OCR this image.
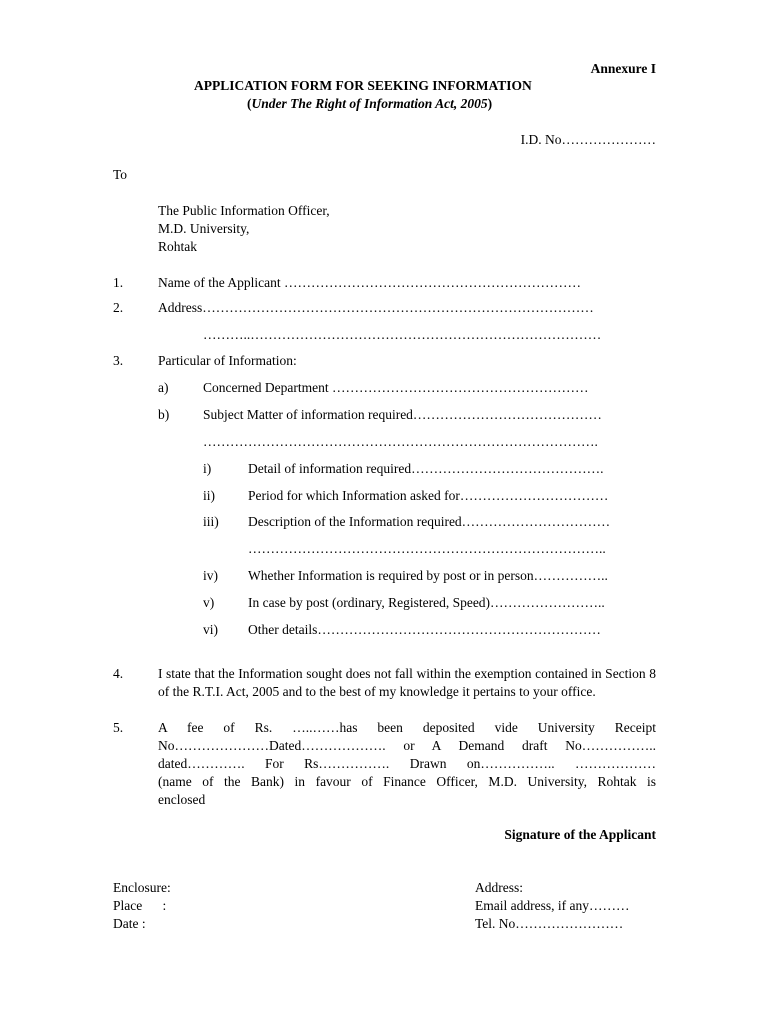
Annexure I
APPLICATION FORM FOR SEEKING INFORMATION
(Under The Right of Information Act, 2005)
I.D. No…………………
To
The Public Information Officer,
M.D. University,
Rohtak
1.	Name of the Applicant …………………………………………………………
2.	Address……………………………………………………………………………
………..……………………………………………………………………
3.	Particular of Information:
a)	Concerned Department …………………………………………………
b)	Subject Matter of information required……………………………………
…………………………………………………………………………….
i)	Detail of information required…………………………………….
ii) Period for which Information asked for……………………………
iii) Description of the Information required……………………………
……………………………………………………………………..
iv) Whether Information is required by post or in person……………..
v)	In case by post (ordinary, Registered, Speed)……………………..
vi) Other details………………………………………………………
4.	I state that the Information sought does not fall within the exemption contained in Section 8 of the R.T.I. Act, 2005 and to the best of my knowledge it pertains to your office.
5.	A fee of Rs. …..……has been deposited vide University Receipt
No…………………Dated………………. or A Demand draft No……………..
dated…………. For Rs……………. Drawn on…………….. ………………
(name of the Bank) in favour of Finance Officer, M.D. University, Rohtak is
enclosed
Signature of the Applicant
Enclosure:
Place      :
Date :
Address:
Email address, if any………
Tel. No……………………
